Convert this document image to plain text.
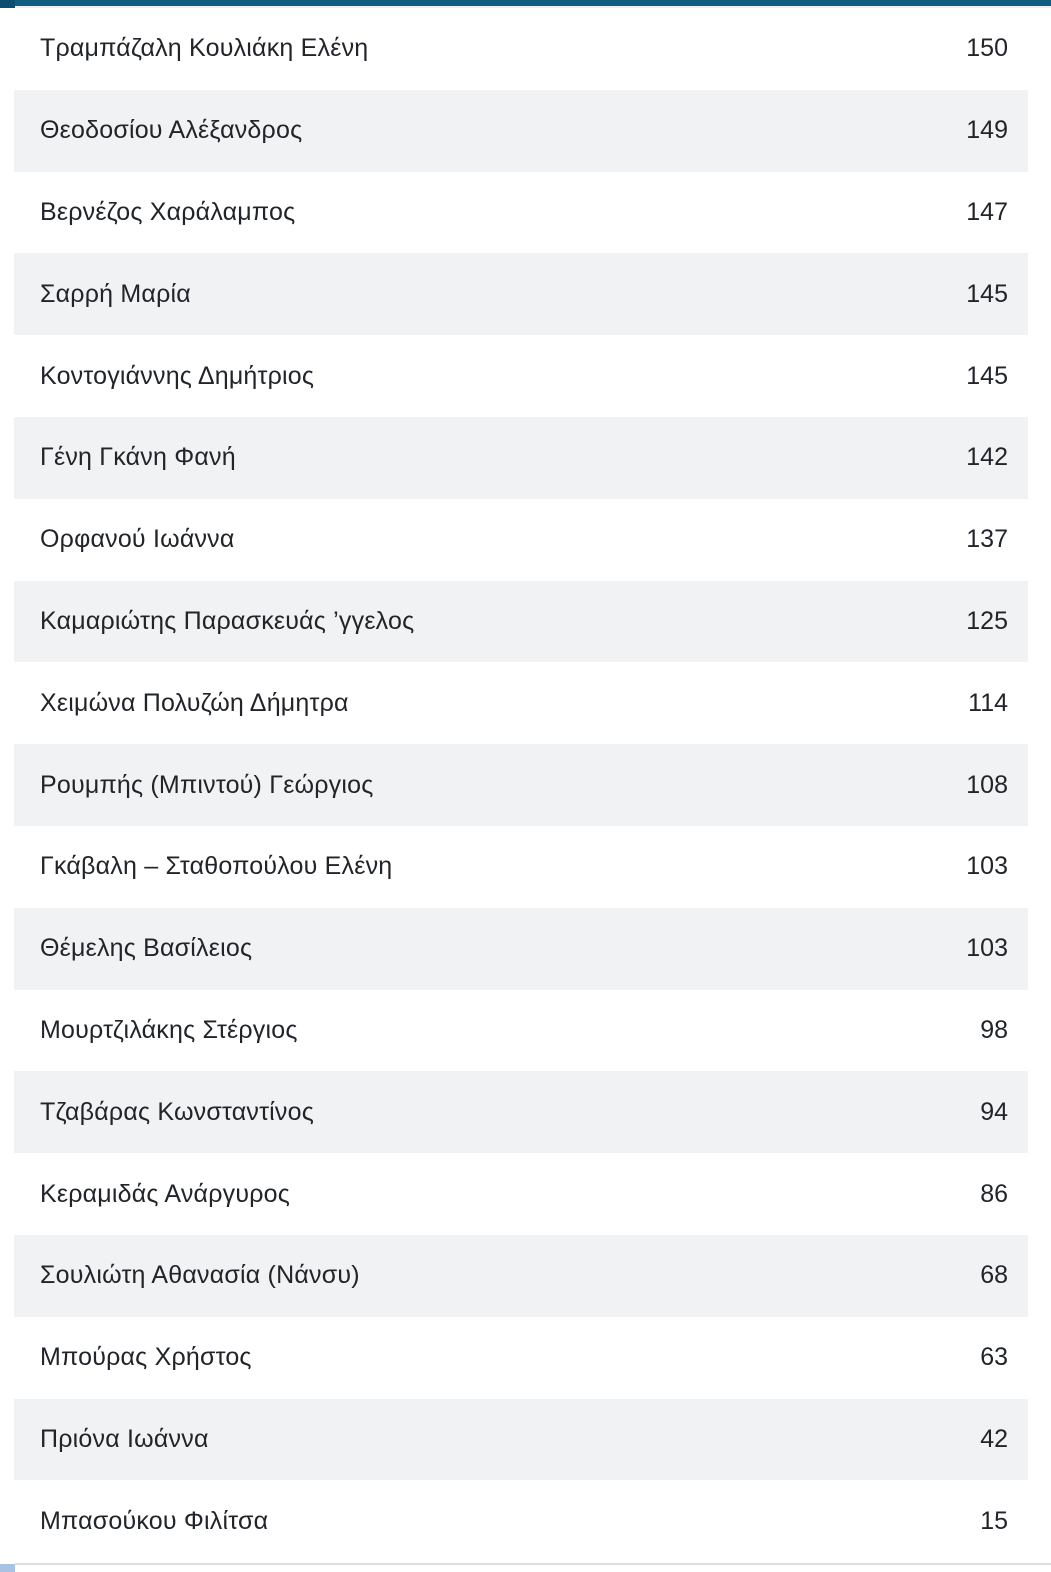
Τραμπάζαλη Κουλιάκη Ελένη	150
Θεοδοσίου Αλέξανδρος	149
Βερνέζος Χαράλαμπος	147
Σαρρή Μαρία	145
Κοντογιάννης Δημήτριος	145
Γένη Γκάνη Φανή	142
Ορφανού Ιωάννα	137
Καμαριώτης Παρασκευάς ’γγελος	125
Χειμώνα Πολυζώη Δήμητρα	114
Ρουμπής (Μπιντού) Γεώργιος	108
Γκάβαλη – Σταθοπούλου Ελένη	103
Θέμελης Βασίλειος	103
Μουρτζιλάκης Στέργιος	98
Τζαβάρας Κωνσταντίνος	94
Κεραμιδάς Ανάργυρος	86
Σουλιώτη Αθανασία (Νάνσυ)	68
Μπούρας Χρήστος	63
Πριόνα Ιωάννα	42
Μπασούκου Φιλίτσα	15
